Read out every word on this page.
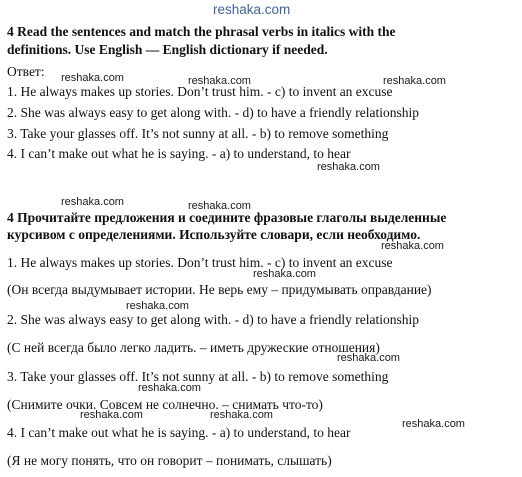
reshaka.com
4 Read the sentences and match the phrasal verbs in italics with the
definitions. Use English — English dictionary if needed.
Ответ:
1. He always makes up stories. Don’t trust him. - c) to invent an excuse
2. She was always easy to get along with. - d) to have a friendly relationship
3. Take your glasses off. It’s not sunny at all. - b) to remove something
4. I can’t make out what he is saying. - a) to understand, to hear
4 Прочитайте предложения и соедините фразовые глаголы выделенные
курсивом с определениями. Используйте словари, если необходимо.
1. He always makes up stories. Don’t trust him. - c) to invent an excuse
(Он всегда выдумывает истории. Не верь ему – придумывать оправдание)
2. She was always easy to get along with. - d) to have a friendly relationship
(С ней всегда было легко ладить. – иметь дружеские отношения)
3. Take your glasses off. It’s not sunny at all. - b) to remove something
(Снимите очки. Совсем не солнечно. – снимать что-то)
4. I can’t make out what he is saying. - a) to understand, to hear
(Я не могу понять, что он говорит – понимать, слышать)
reshaka.com	reshaka.com	reshaka.com
reshaka.com
reshaka.com	reshaka.com
reshaka.com
reshaka.com
reshaka.com
reshaka.com
reshaka.com
reshaka.com	reshaka.com
reshaka.com
